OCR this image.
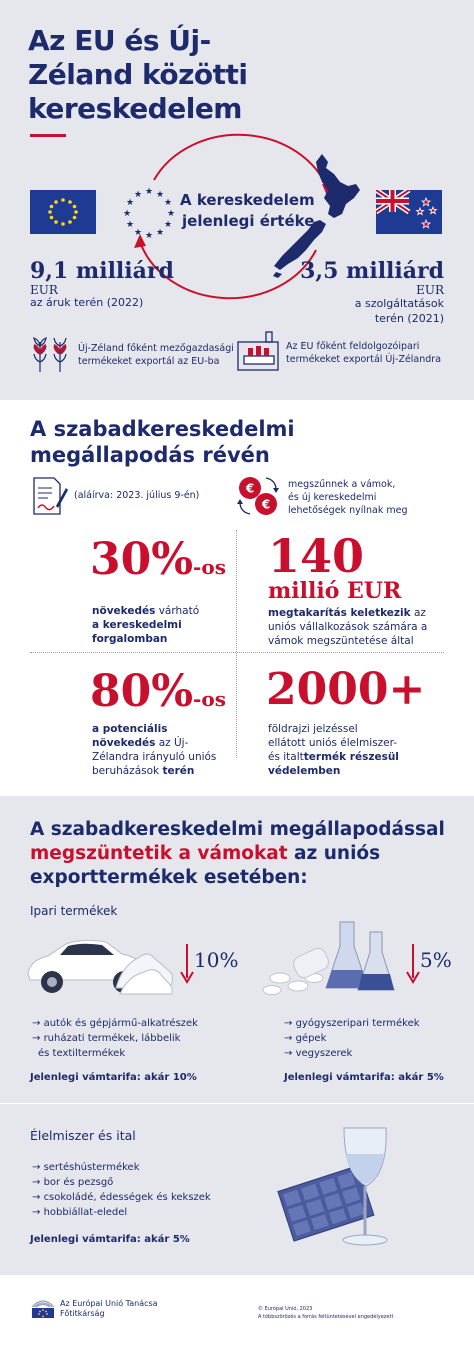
Az EU és Új-
Zéland közötti
kereskedelem
★ ★
★
★
★
★
★
★
★
★
★
★	A kereskedelem
jelenlegi értéke
9,1 milliárd
EUR
az áruk terén (2022)
3,5 milliárd
EUR
a szolgáltatások
terén (2021)
Új-Zéland főként mezőgazdasági
termékeket exportál az EU-ba
Az EU főként feldolgozóipari
termékeket exportál Új-Zélandra
A szabadkereskedelmi
megállapodás révén
(aláírva: 2023. július 9-én)	€
€
megszűnnek a vámok,
és új kereskedelmi
lehetőségek nyílnak meg
30%-os
növekedés várható
a kereskedelmi
forgalomban
140
millió EUR
megtakarítás keletkezik az
uniós vállalkozások számára a
vámok megszüntetése által
80%-os
a potenciális
növekedés az Új-
Zélandra irányuló uniós
beruházások terén
2000+
földrajzi jelzéssel
ellátott uniós élelmiszer-
és italttermék részesül
védelemben
A szabadkereskedelmi megállapodással
megszüntetik a vámokat az uniós
exporttermékek esetében:
Ipari termékek
10%	5%
→ autók és gépjármű-alkatrészek
→ ruházati termékek, lábbelik
és textiltermékek
→ gyógyszeripari termékek
→ gépek
→ vegyszerek
Jelenlegi vámtarifa: akár 10%	Jelenlegi vámtarifa: akár 5%
Élelmiszer és ital
→ sertéshústermékek
→ bor és pezsgő
→ csokoládé, édességek és kekszek
→ hobbiállat-eledel
Jelenlegi vámtarifa: akár 5%
Az Európai Unió Tanácsa
Főtitkárság	© Európai Unió, 2023
A többszörözés a forrás feltüntetésével engedélyezett
